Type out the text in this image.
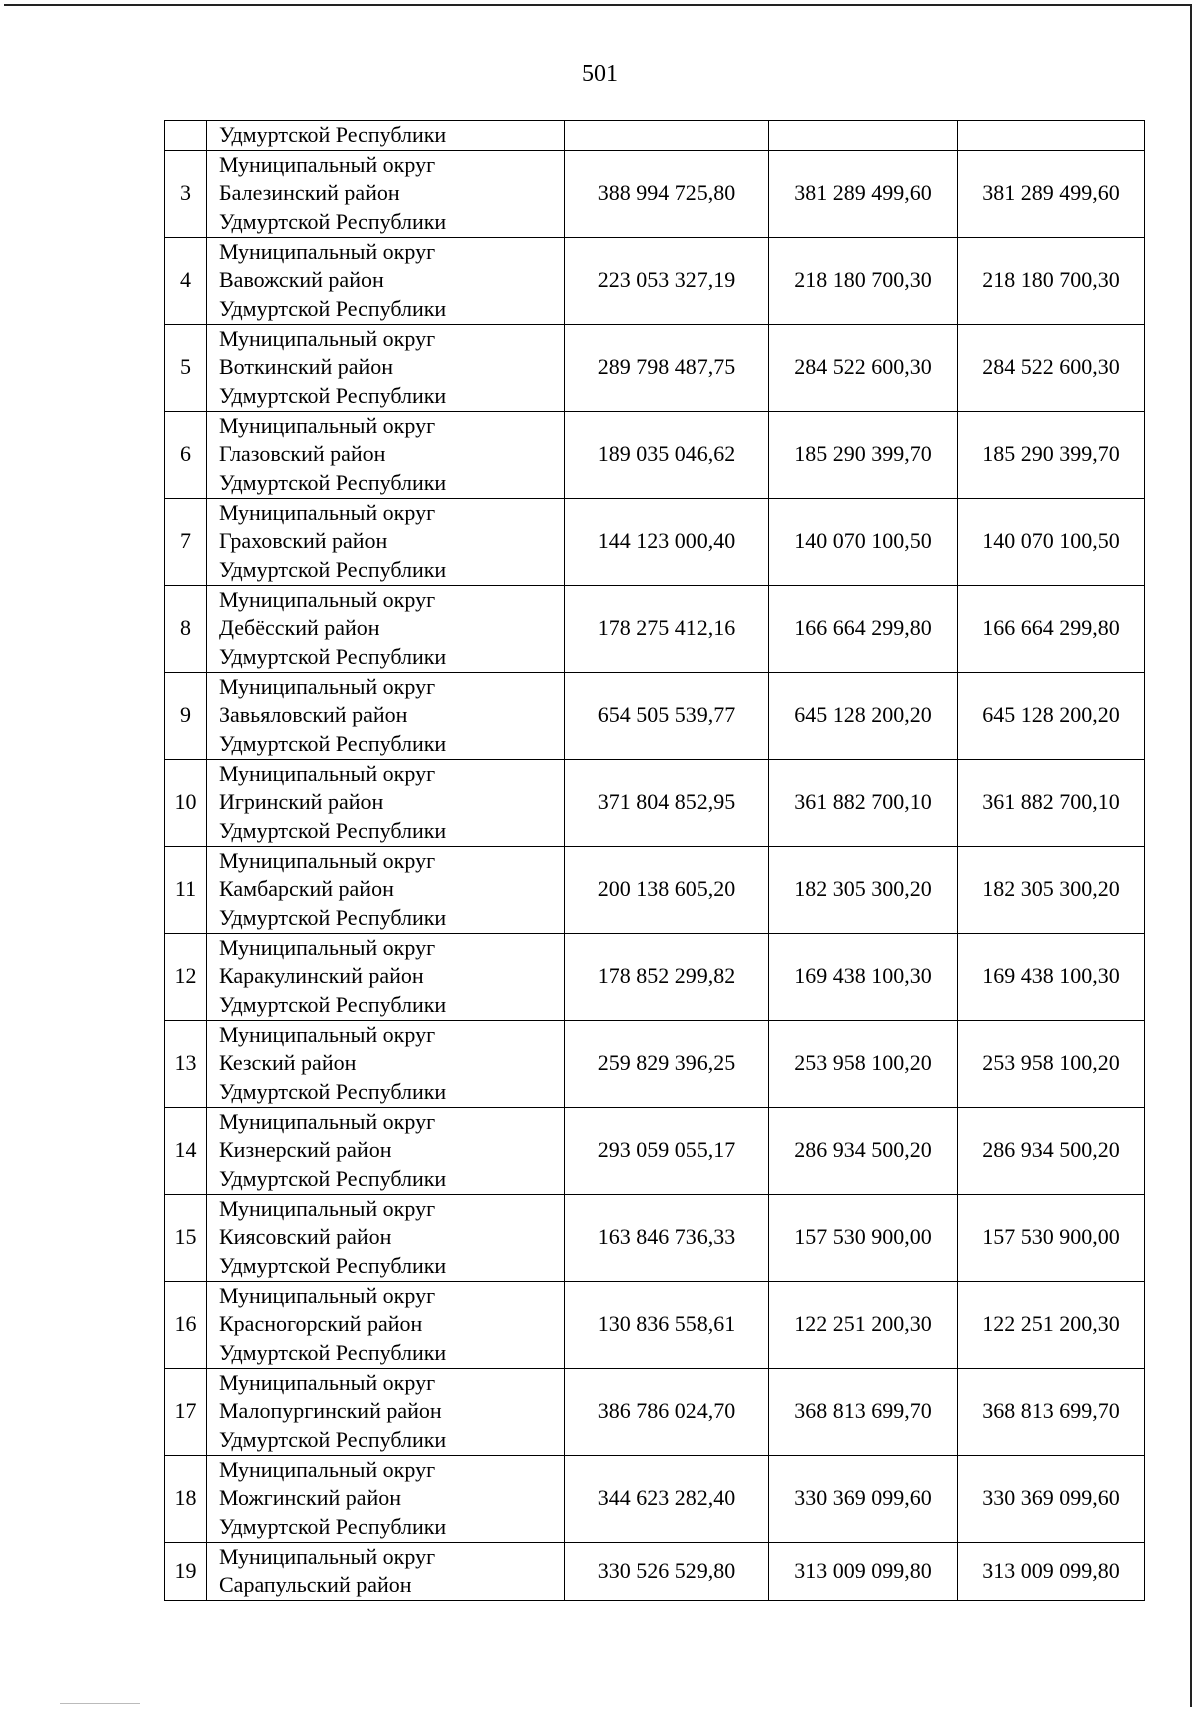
501

	Удмуртской Республики			

3	Муниципальный округ
Балезинский район
Удмуртской Республики	388 994 725,80	381 289 499,60	381 289 499,60
4	Муниципальный округ
Вавожский район
Удмуртской Республики	223 053 327,19	218 180 700,30	218 180 700,30
5	Муниципальный округ
Воткинский район
Удмуртской Республики	289 798 487,75	284 522 600,30	284 522 600,30
6	Муниципальный округ
Глазовский район
Удмуртской Республики	189 035 046,62	185 290 399,70	185 290 399,70
7	Муниципальный округ
Граховский район
Удмуртской Республики	144 123 000,40	140 070 100,50	140 070 100,50
8	Муниципальный округ
Дебёсский район
Удмуртской Республики	178 275 412,16	166 664 299,80	166 664 299,80
9	Муниципальный округ
Завьяловский район
Удмуртской Республики	654 505 539,77	645 128 200,20	645 128 200,20
10	Муниципальный округ
Игринский район
Удмуртской Республики	371 804 852,95	361 882 700,10	361 882 700,10
11	Муниципальный округ
Камбарский район
Удмуртской Республики	200 138 605,20	182 305 300,20	182 305 300,20
12	Муниципальный округ
Каракулинский район
Удмуртской Республики	178 852 299,82	169 438 100,30	169 438 100,30
13	Муниципальный округ
Кезский район
Удмуртской Республики	259 829 396,25	253 958 100,20	253 958 100,20
14	Муниципальный округ
Кизнерский район
Удмуртской Республики	293 059 055,17	286 934 500,20	286 934 500,20
15	Муниципальный округ
Киясовский район
Удмуртской Республики	163 846 736,33	157 530 900,00	157 530 900,00
16	Муниципальный округ
Красногорский район
Удмуртской Республики	130 836 558,61	122 251 200,30	122 251 200,30
17	Муниципальный округ
Малопургинский район
Удмуртской Республики	386 786 024,70	368 813 699,70	368 813 699,70
18	Муниципальный округ
Можгинский район
Удмуртской Республики	344 623 282,40	330 369 099,60	330 369 099,60
19	Муниципальный округ
Сарапульский район	330 526 529,80	313 009 099,80	313 009 099,80
